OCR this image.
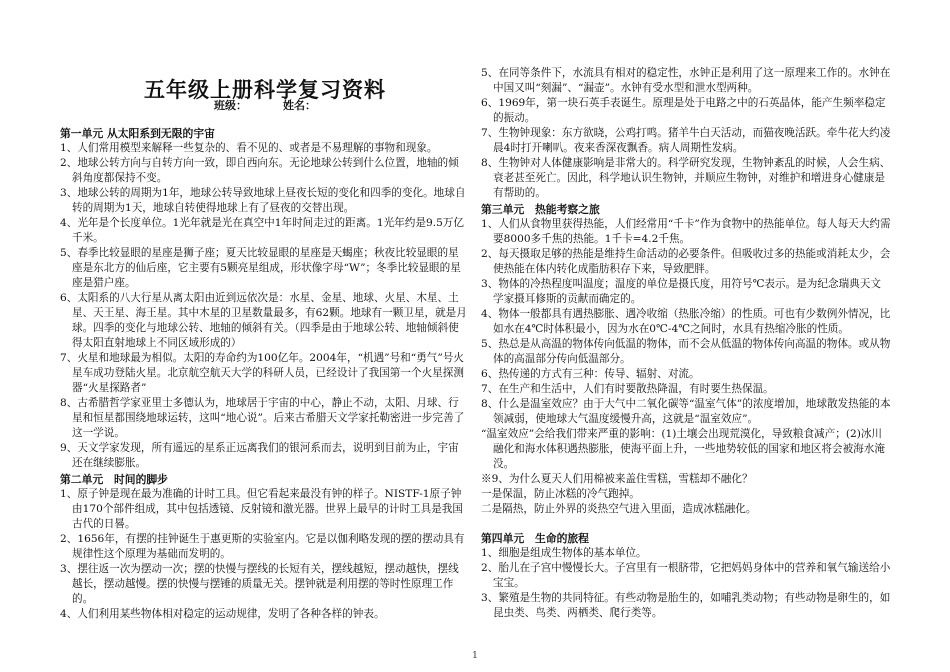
五年级上册科学复习资料
班级：	姓名：

第一单元 从太阳系到无限的宇宙

1、人们常用模型来解释一些复杂的、看不见的、或者是不易理解的事物和现象。

2、地球公转方向与自转方向一致，即自西向东。无论地球公转到什么位置，地轴的倾斜角度都保持不变。

3、地球公转的周期为1年，地球公转导致地球上昼夜长短的变化和四季的变化。地球自转的周期为1天，地球自转使得地球上有了昼夜的交替出现。

4、光年是个长度单位。1光年就是光在真空中1年时间走过的距离。1光年约是9.5万亿千米。

5、春季比较显眼的星座是狮子座；夏天比较显眼的星座是天蝎座；秋夜比较显眼的星座是东北方的仙后座，它主要有5颗亮星组成，形状像字母“W”；冬季比较显眼的星座是猎户座。

6、太阳系的八大行星从离太阳由近到远依次是：水星、金星、地球、火星、木星、土星、天王星、海王星。其中木星的卫星数量最多，有62颗。地球有一颗卫星，就是月球。四季的变化与地球公转、地轴的倾斜有关。（四季是由于地球公转、地轴倾斜使得太阳直射地球上不同区域形成的）

7、火星和地球最为相似。太阳的寿命约为100亿年。2004年，“机遇”号和“勇气”号火星车成功登陆火星。北京航空航天大学的科研人员，已经设计了我国第一个火星探测器“火星探路者”

8、古希腊哲学家亚里士多德认为，地球居于宇宙的中心，静止不动，太阳、月球、行星和恒星都围绕地球运转，这叫“地心说”。后来古希腊天文学家托勒密进一步完善了这一学说。

9、天文学家发现，所有遥远的星系正远离我们的银河系而去，说明到目前为止，宇宙还在继续膨胀。

第二单元　时间的脚步

1、原子钟是现在最为准确的计时工具。但它看起来最没有钟的样子。NISTF-1原子钟由170个部件组成，其中包括透镜、反射镜和激光器。世界上最早的计时工具是我国古代的日晷。

2、1656年，有摆的挂钟诞生于惠更斯的实验室内。它是以伽利略发现的摆的摆动具有规律性这个原理为基础而发明的。

3、摆往返一次为摆动一次；摆的快慢与摆线的长短有关，摆线越短，摆动越快，摆线越长，摆动越慢。摆的快慢与摆锤的质量无关。摆钟就是利用摆的等时性原理工作的。

4、人们利用某些物体相对稳定的运动规律，发明了各种各样的钟表。

5、在同等条件下，水流具有相对的稳定性，水钟正是利用了这一原理来工作的。水钟在中国又叫“刻漏”、“漏壶”。水钟有受水型和泄水型两种。

6、1969年，第一块石英手表诞生。原理是处于电路之中的石英晶体，能产生频率稳定的振动。

7、生物钟现象：东方欲晓，公鸡打鸣。猪羊牛白天活动，而猫夜晚活跃。牵牛花大约凌晨4时打开喇叭。夜来香深夜飘香。病人周期性发病。

8、生物钟对人体健康影响是非常大的。科学研究发现，生物钟紊乱的时候，人会生病、衰老甚至死亡。因此，科学地认识生物钟，并顺应生物钟，对维护和增进身心健康是有帮助的。

第三单元　热能考察之旅

1、人们从食物里获得热能，人们经常用“千卡”作为食物中的热能单位。每人每天大约需要8000多千焦的热能。1千卡=4.2千焦。

2、每天摄取足够的热能是维持生命活动的必要条件。但吸收过多的热能或消耗太少，会使热能在体内转化成脂肪积存下来，导致肥胖。

3、物体的冷热程度叫温度；温度的单位是摄氏度，用符号℃表示。是为纪念瑞典天文学家摄耳修斯的贡献而确定的。

4、物体一般都具有遇热膨胀、遇冷收缩（热胀冷缩）的性质。可也有少数例外情况，比如水在4℃时体积最小，因为水在0℃-4℃之间时，水具有热缩冷胀的性质。

5、热总是从高温的物体传向低温的物体，而不会从低温的物体传向高温的物体。或从物体的高温部分传向低温部分。

6、热传递的方式有三种：传导、辐射、对流。

7、在生产和生活中，人们有时要散热降温，有时要生热保温。

8、什么是温室效应？由于大气中二氧化碳等“温室气体”的浓度增加，地球散发热能的本领减弱，使地球大气温度缓慢升高，这就是“温室效应”。

“温室效应”会给我们带来严重的影响：(1)土壤会出现荒漠化，导致粮食减产；(2)冰川融化和海水体积遇热膨胀，使海平面上升，一些地势较低的国家和地区将会被海水淹没。

※9、为什么夏天人们用棉被来盖住雪糕，雪糕却不融化？

一是保温，防止冰糕的冷气跑掉。

二是隔热，防止外界的炎热空气进入里面，造成冰糕融化。

第四单元　生命的旅程

1、细胞是组成生物体的基本单位。

2、胎儿在子宫中慢慢长大。子宫里有一根脐带，它把妈妈身体中的营养和氧气输送给小宝宝。

3、繁殖是生物的共同特征。有些动物是胎生的，如哺乳类动物；有些动物是卵生的，如昆虫类、鸟类、两栖类、爬行类等。

1
